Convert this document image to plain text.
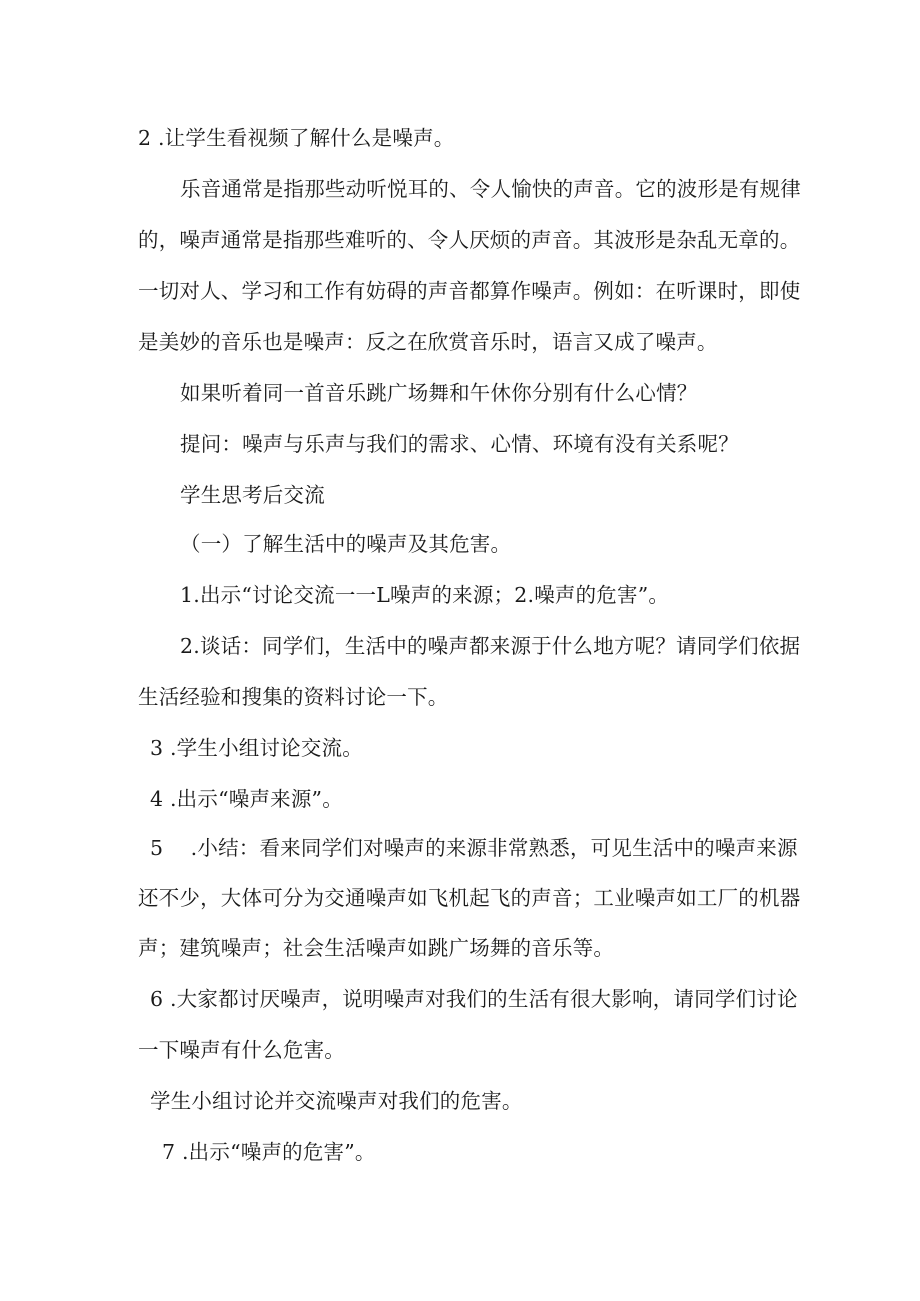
2 .让学生看视频了解什么是噪声。
乐音通常是指那些动听悦耳的、令人愉快的声音。它的波形是有规律
的，噪声通常是指那些难听的、令人厌烦的声音。其波形是杂乱无章的。
一切对人、学习和工作有妨碍的声音都算作噪声。例如：在听课时，即使
是美妙的音乐也是噪声：反之在欣赏音乐时，语言又成了噪声。
如果听着同一首音乐跳广场舞和午休你分别有什么心情？
提问：噪声与乐声与我们的需求、心情、环境有没有关系呢？
学生思考后交流
（一）了解生活中的噪声及其危害。
1.出示“讨论交流一一L噪声的来源；2.噪声的危害”。
2.谈话：同学们，生活中的噪声都来源于什么地方呢？请同学们依据
生活经验和搜集的资料讨论一下。
3 .学生小组讨论交流。
4 .出示“噪声来源”。
5　 .小结：看来同学们对噪声的来源非常熟悉，可见生活中的噪声来源
还不少，大体可分为交通噪声如飞机起飞的声音；工业噪声如工厂的机器
声；建筑噪声；社会生活噪声如跳广场舞的音乐等。
6 .大家都讨厌噪声，说明噪声对我们的生活有很大影响，请同学们讨论
一下噪声有什么危害。
学生小组讨论并交流噪声对我们的危害。
7 .出示“噪声的危害”。
